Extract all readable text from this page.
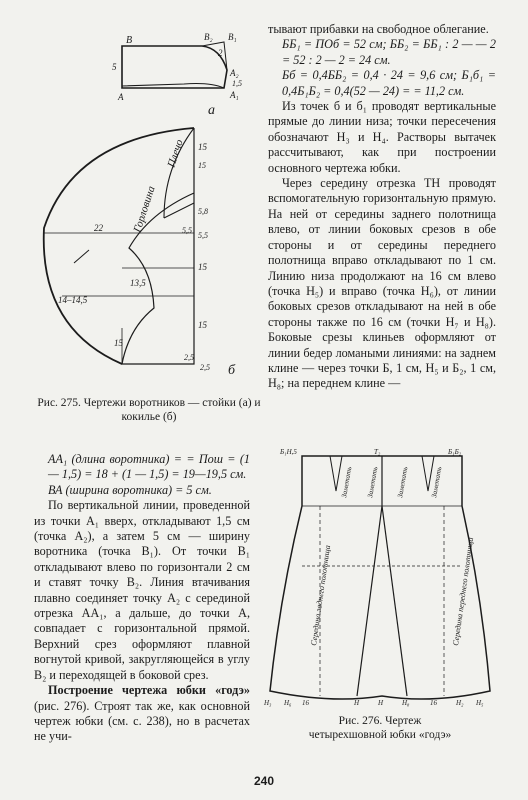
B	B₂ B₁
A
A₂
A₁
5
2
1,5
а
Плечо
Горловина
15
22
14–14,5
13,5
15
15
15
5,5
5,8
5,5
15
2,5
2,5 б
Рис. 275. Чертежи воротников — стойки (а) и кокилье (б)

тывают прибавки на свободное облегание.

ББ₁ = ПОб = 52 см; ББ₂ = ББ₁ : 2 — — 2 = 52 : 2 — 2 = 24 см.

Бб = 0,4ББ₂ = 0,4 · 24 = 9,6 см; Б₁б₁ = 0,4Б₁Б₂ = 0,4(52 — 24) = = 11,2 см.

Из точек б и б₁ проводят вертикальные прямые до линии низа; точки пересечения обозначают Н₃ и Н₄. Растворы вытачек рассчитывают, как при построении основного чертежа юбки.

Через середину отрезка ТН проводят вспомогательную горизонтальную прямую. На ней от середины заднего полотнища влево, от линии боковых срезов в обе стороны и от середины переднего полотнища вправо откладывают по 1 см. Линию низа продолжают на 16 см влево (точка Н₅) и вправо (точка Н₆), от линии боковых срезов откладывают на ней в обе стороны также по 16 см (точки Н₇ и Н₈). Боковые срезы клиньев оформляют от линии бедер ломаными линиями: на заднем клине — через точки Б, 1 см, Н₅ и Б₂, 1 см, Н₈; на переднем клине —

АА₁ (длина воротника) = = Пош = (1 — 1,5) = 18 + (1 — 1,5) = 19—19,5 см.

ВА (ширина воротника) = 5 см.

По вертикальной линии, проведенной из точки А₁ вверх, откладывают 1,5 см (точка А₂), а затем 5 см — ширину воротника (точка В₁). От точки В₁ откладывают влево по горизонтали 2 см и ставят точку В₂. Линия втачивания плавно соединяет точку А₂ с серединой отрезка АА₁, а дальше, до точки А, совпадает с горизонтальной прямой. Верхний срез оформляют плавной вогнутой кривой, закругляющейся в углу В₂ и переходящей в боковой срез.

Построение чертежа юбки «годэ» (рис. 276). Строят так же, как основной чертеж юбки (см. с. 238), но в расчетах не учи-

Б₁Н,5	Т₂	Б₁Б₂
Заметать Заметать
Середина заднего полотнища
Заметать	Заметать
Середина переднего полотнища
Н₃ Н₆ 16	Н	Н	Н₈	16	Н₂ Н₅
Рис. 276. Чертеж
четырехшовной юбки «годэ»
240
